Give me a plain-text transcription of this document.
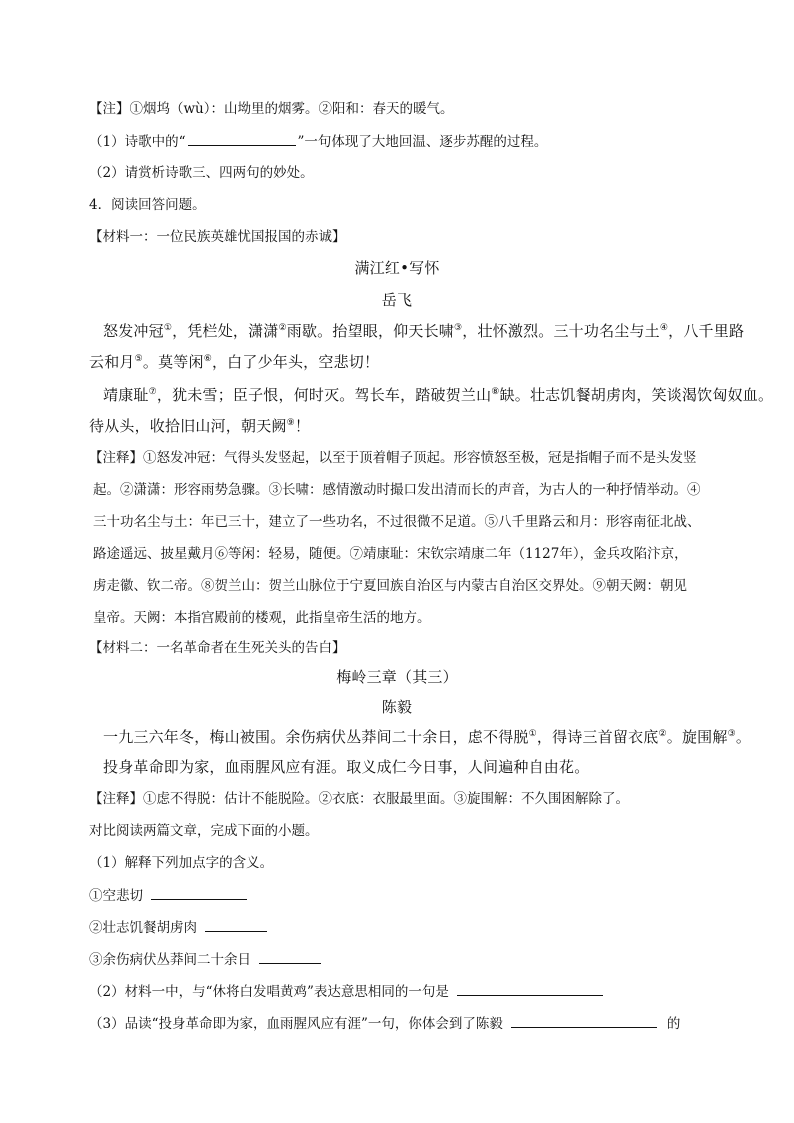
【注】①烟坞（wù）：山坳里的烟雾。②阳和：春天的暖气。
（1）诗歌中的“	”一句体现了大地回温、逐步苏醒的过程。
（2）请赏析诗歌三、四两句的妙处。
4．阅读回答问题。
【材料一：一位民族英雄忧国报国的赤诚】
满江红•写怀
岳飞
怒发冲冠①，凭栏处，潇潇②雨歇。抬望眼，仰天长啸③，壮怀激烈。三十功名尘与土④，八千里路
云和月⑤。莫等闲⑥，白了少年头，空悲切！
靖康耻⑦，犹未雪；臣子恨，何时灭。驾长车，踏破贺兰山⑧缺。壮志饥餐胡虏肉，笑谈渴饮匈奴血。
待从头，收拾旧山河，朝天阙⑨！
【注释】①怒发冲冠：气得头发竖起，以至于顶着帽子顶起。形容愤怒至极，冠是指帽子而不是头发竖
起。②潇潇：形容雨势急骤。③长啸：感情激动时撮口发出清而长的声音，为古人的一种抒情举动。④
三十功名尘与土：年已三十，建立了一些功名，不过很微不足道。⑤八千里路云和月：形容南征北战、
路途遥远、披星戴月⑥等闲：轻易，随便。⑦靖康耻：宋钦宗靖康二年（1127年），金兵攻陷汴京，
虏走徽、钦二帝。⑧贺兰山：贺兰山脉位于宁夏回族自治区与内蒙古自治区交界处。⑨朝天阙：朝见
皇帝。天阙：本指宫殿前的楼观，此指皇帝生活的地方。
【材料二：一名革命者在生死关头的告白】
梅岭三章（其三）
陈毅
一九三六年冬，梅山被围。余伤病伏丛莽间二十余日，虑不得脱①，得诗三首留衣底②。旋围解③。
投身革命即为家，血雨腥风应有涯。取义成仁今日事，人间遍种自由花。
【注释】①虑不得脱：估计不能脱险。②衣底：衣服最里面。③旋围解：不久围困解除了。
对比阅读两篇文章，完成下面的小题。
（1）解释下列加点字的含义。
①空悲切
②壮志饥餐胡虏肉
③余伤病伏丛莽间二十余日
（2）材料一中，与“休将白发唱黄鸡”表达意思相同的一句是
（3）品读“投身革命即为家，血雨腥风应有涯”一句，你体会到了陈毅	的
